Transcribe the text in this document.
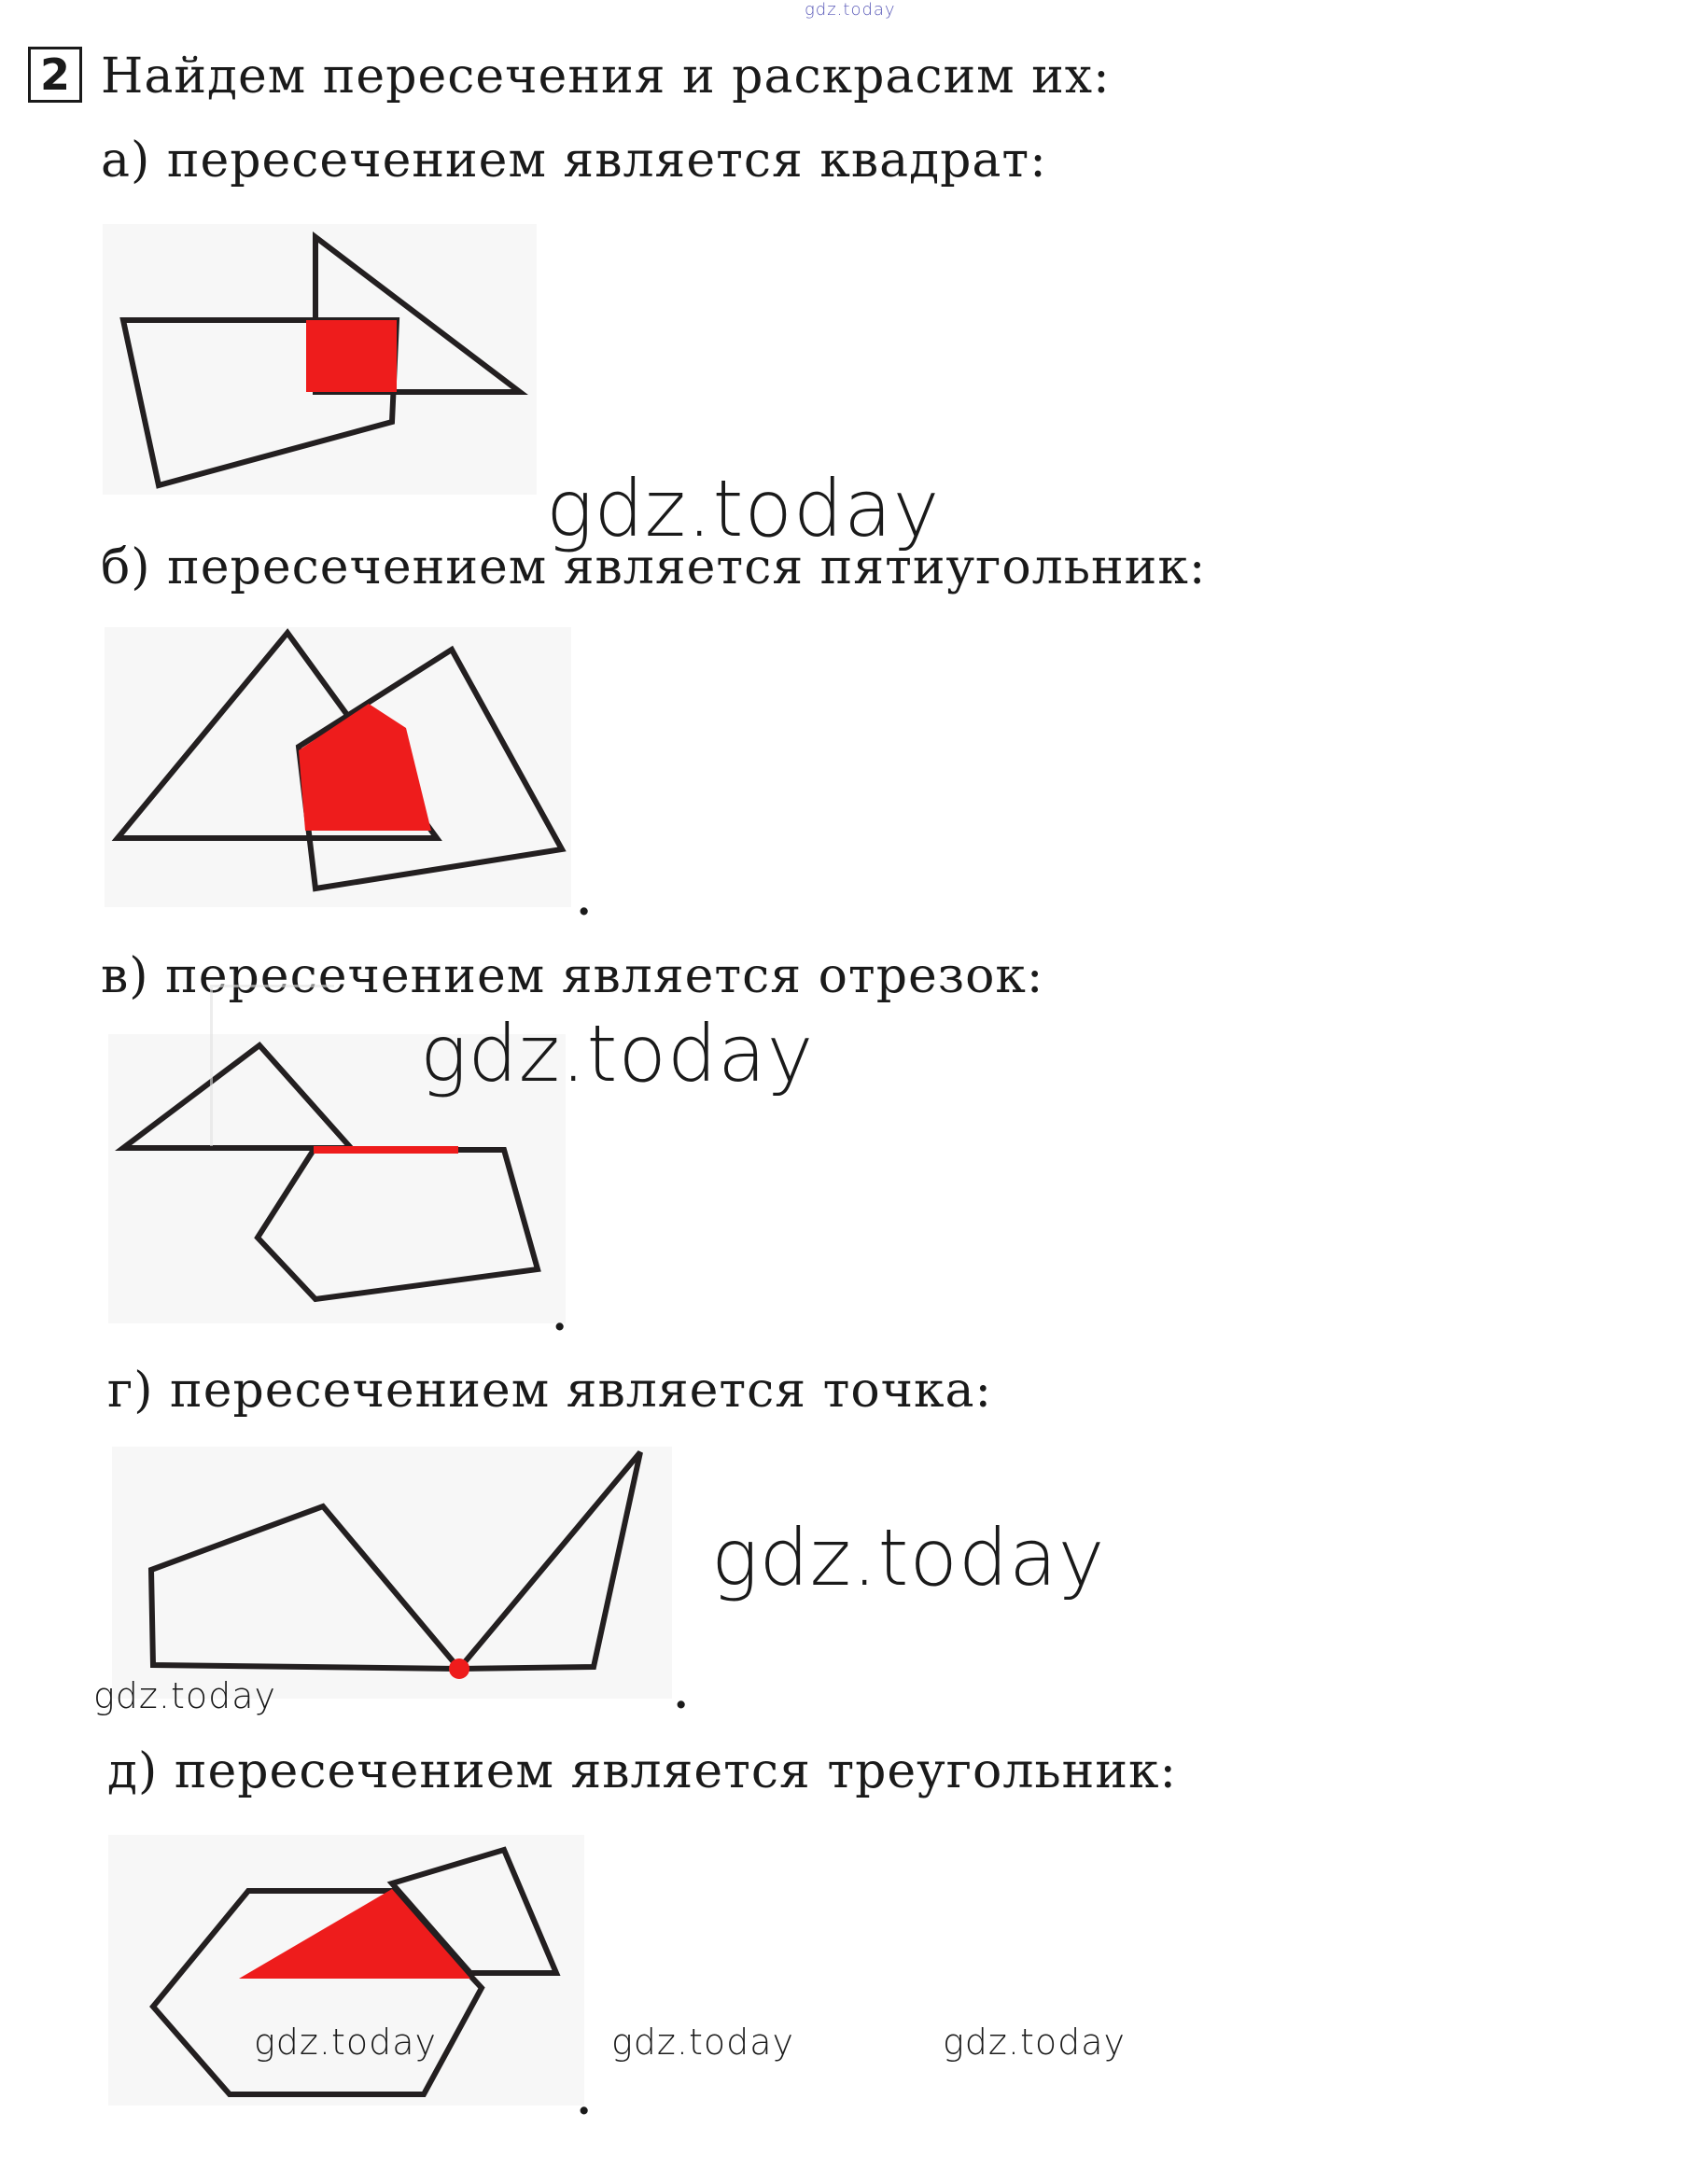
gdz.today
2 Найдем пересечения и раскрасим их:
а) пересечением является квадрат:
gdz.today
б) пересечением является пятиугольник:
.
в) пересечением является отрезок:
gdz.today
.
г) пересечением является точка:
gdz.today
gdz.today	.
д) пересечением является треугольник:
gdz.today	gdz.today	gdz.today
.
